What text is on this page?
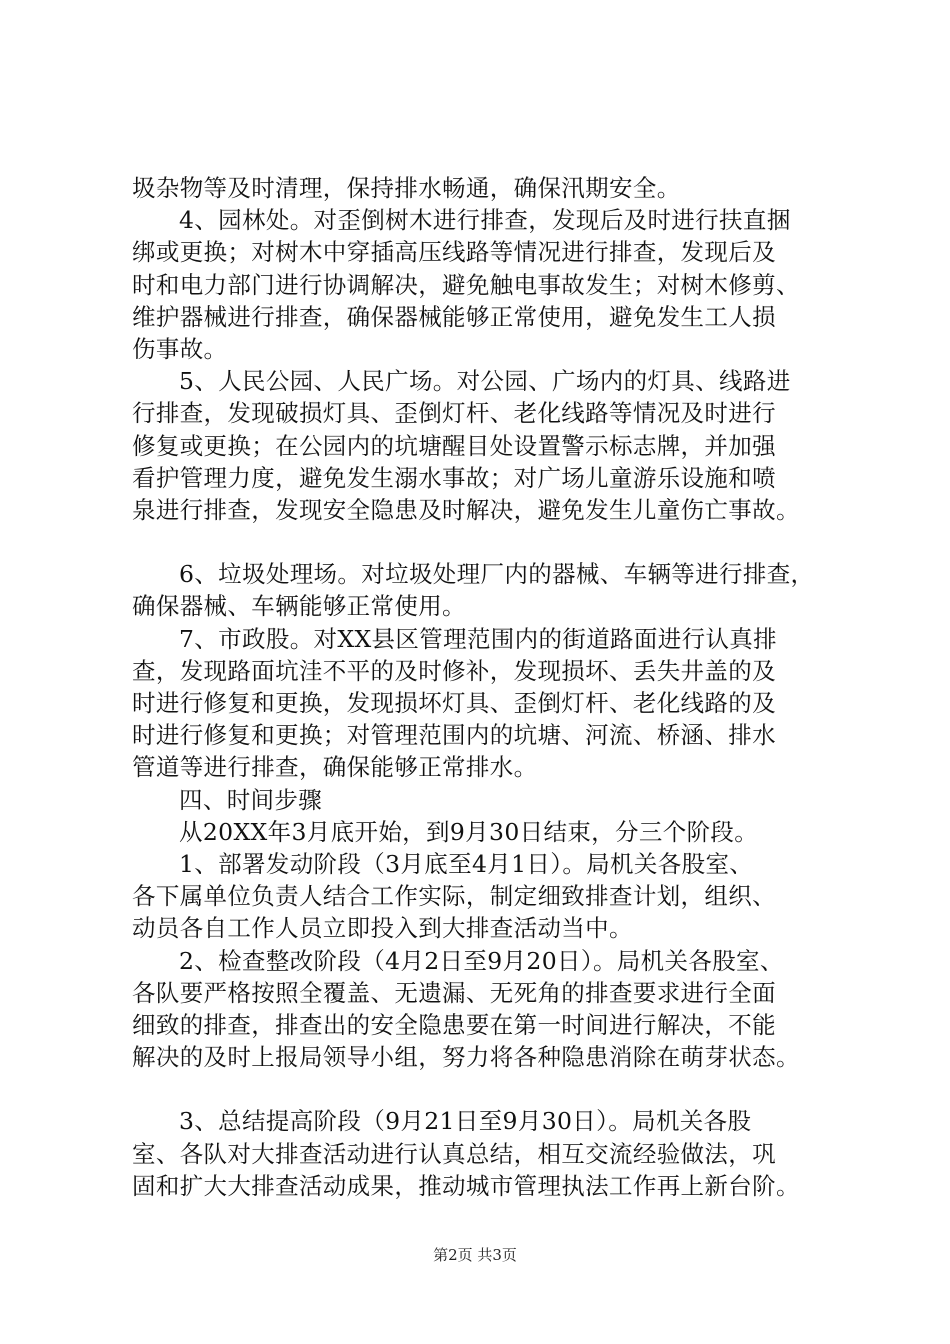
圾杂物等及时清理，保持排水畅通，确保汛期安全。
4、园林处。对歪倒树木进行排查，发现后及时进行扶直捆
绑或更换；对树木中穿插高压线路等情况进行排查，发现后及
时和电力部门进行协调解决，避免触电事故发生；对树木修剪、
维护器械进行排查，确保器械能够正常使用，避免发生工人损
伤事故。
5、人民公园、人民广场。对公园、广场内的灯具、线路进
行排查，发现破损灯具、歪倒灯杆、老化线路等情况及时进行
修复或更换；在公园内的坑塘醒目处设置警示标志牌，并加强
看护管理力度，避免发生溺水事故；对广场儿童游乐设施和喷
泉进行排查，发现安全隐患及时解决，避免发生儿童伤亡事故。
6、垃圾处理场。对垃圾处理厂内的器械、车辆等进行排查，
确保器械、车辆能够正常使用。
7、市政股。对XX县区管理范围内的街道路面进行认真排
查，发现路面坑洼不平的及时修补，发现损坏、丢失井盖的及
时进行修复和更换，发现损坏灯具、歪倒灯杆、老化线路的及
时进行修复和更换；对管理范围内的坑塘、河流、桥涵、排水
管道等进行排查，确保能够正常排水。
四、时间步骤
从20XX年3月底开始，到9月30日结束，分三个阶段。
1、部署发动阶段（3月底至4月1日）。局机关各股室、
各下属单位负责人结合工作实际，制定细致排查计划，组织、
动员各自工作人员立即投入到大排查活动当中。
2、检查整改阶段（4月2日至9月20日）。局机关各股室、
各队要严格按照全覆盖、无遗漏、无死角的排查要求进行全面
细致的排查，排查出的安全隐患要在第一时间进行解决，不能
解决的及时上报局领导小组，努力将各种隐患消除在萌芽状态。
3、总结提高阶段（9月21日至9月30日）。局机关各股
室、各队对大排查活动进行认真总结，相互交流经验做法，巩
固和扩大大排查活动成果，推动城市管理执法工作再上新台阶。
第2页 共3页
